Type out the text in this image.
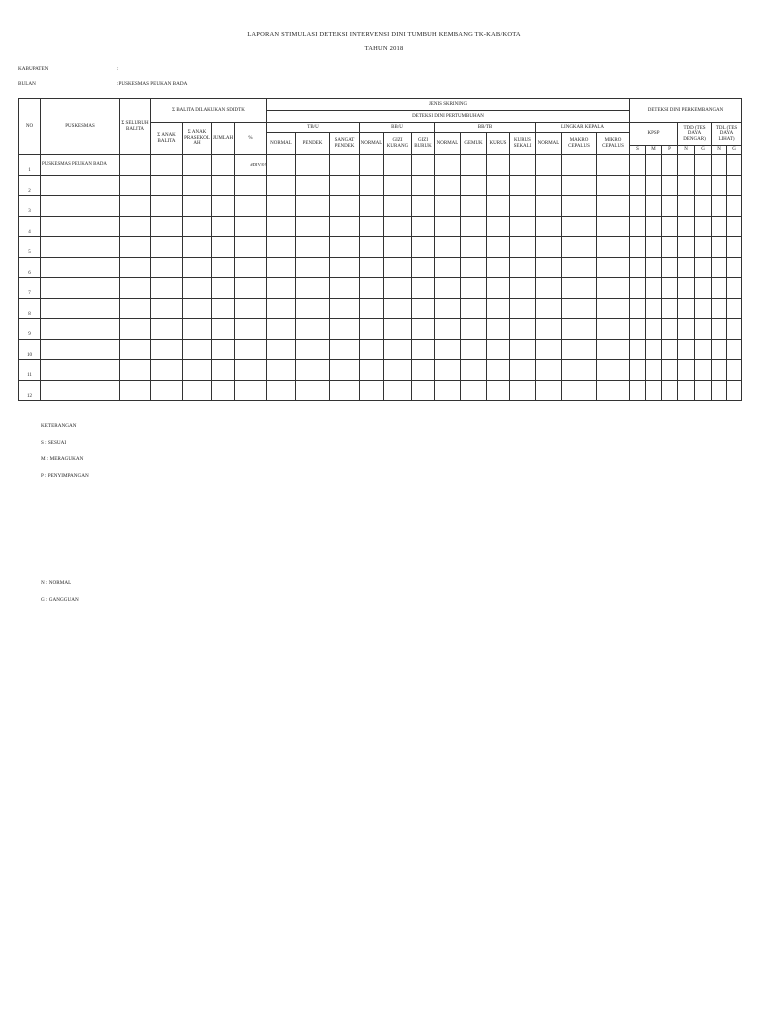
LAPORAN STIMULASI DETEKSI INTERVENSI DINI TUMBUH KEMBANG TK-KAB/KOTA
TAHUN 2018
KABUPATEN	:
BULAN	:PUSKESMAS PEUKAN BADA
NO	PUSKESMAS	Σ SELURUH BALITA	Σ BALITA DILAKUKAN SDIDTK				JENIS SKRINING													DETEKSI DINI PERKEMBANGAN						
							DETEKSI DINI PERTUMBUHAN																			
			Σ ANAK BALITA	Σ ANAK PRASEKOL AH	JUMLAH	%	TB/U			BB/U			BB/TB				LINGKAR KEPALA			KPSP			TDD (TES DAYA DENGAR)		TDL (TES DAYA LIHAT)	
							NORMAL	PENDEK	SANGAT PENDEK	NORMAL	GIZI KURANG	GIZI BURUK	NORMAL	GEMUK	KURUS	KURUS SEKALI	NORMAL	MAKRO CEPALUS	MIKRO CEPALUS							
																				S	M	P	N	G	N	G
1	PUSKESMAS PEUKAN BADA					#DIV/0!																				
2																										
3																										
4																										
5																										
6																										
7																										
8																										
9																										
10																										
11																										
12																										
KETERANGAN
S : SESUAI
M : MERAGUKAN
P : PENYIMPANGAN
N : NORMAL
G : GANGGUAN
